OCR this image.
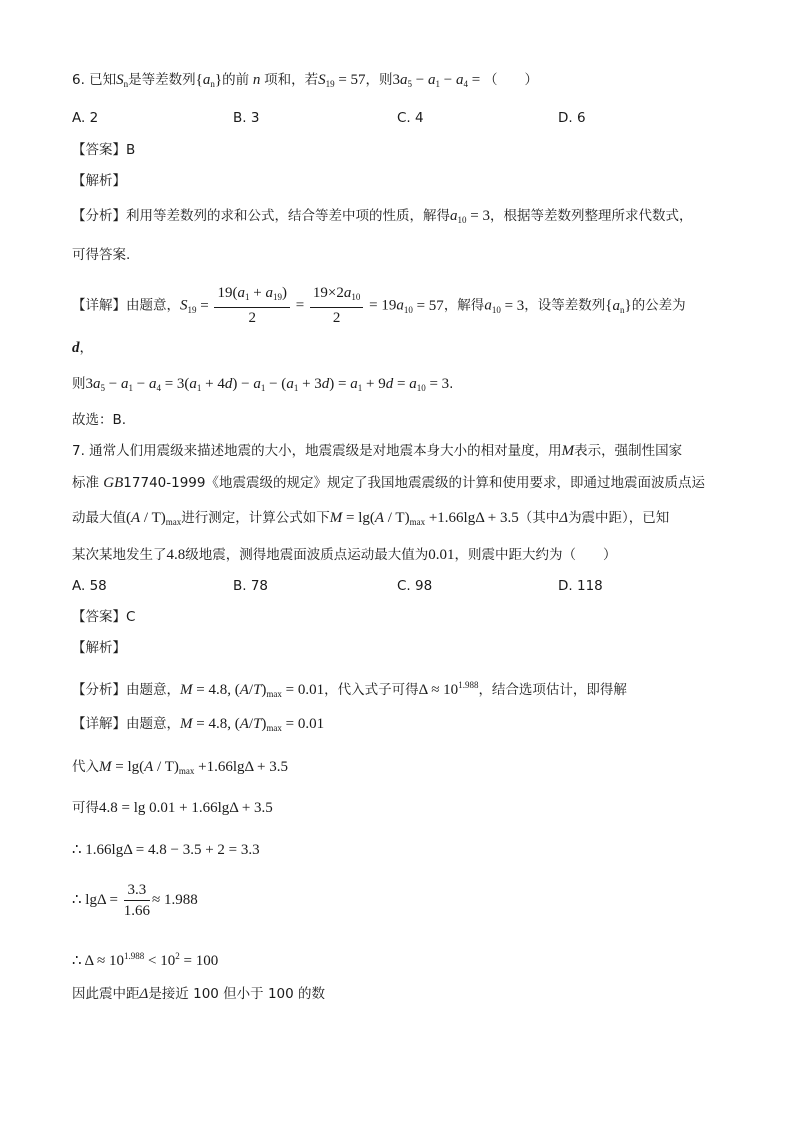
6. 已知$S_n$是等差数列$\{a_n\}$的前 n 项和，若$S_{19} = 57$，则$3a_5 - a_1 - a_4$ = （　　）
A. 2	B. 3	C. 4	D. 6
【答案】B
【解析】
【分析】利用等差数列的求和公式，结合等差中项的性质，解得$a_{10} = 3$，根据等差数列整理所求代数式，
可得答案.
【详解】由题意，$S_{19} = \frac{19(a_1 + a_{19})}{2} = \frac{19\times 2a_{10}}{2} = 19a_{10} = 57$，解得$a_{10} = 3$，设等差数列$\{a_n\}$的公差为
d，
则$3a_5 - a_1 - a_4 = 3(a_1 + 4d) - a_1 - (a_1 + 3d) = a_1 + 9d = a_{10} = 3$.
故选：B.
7. 通常人们用震级来描述地震的大小，地震震级是对地震本身大小的相对量度，用M表示，强制性国家
标准 GB17740-1999《地震震级的规定》规定了我国地震震级的计算和使用要求，即通过地震面波质点运
动最大值$(A / T)_{max}$进行测定，计算公式如下$M = \lg(A / T)_{max} +1.66\lg\Delta + 3.5$（其中Δ为震中距），已知
某次某地发生了4.8级地震，测得地震面波质点运动最大值为0.01，则震中距大约为（　　）
A. 58	B. 78	C. 98	D. 118
【答案】C
【解析】
【分析】由题意，M = 4.8, $(A/T)_{max} = 0.01$，代入式子可得$\Delta \approx 10^{1.988}$，结合选项估计，即得解
【详解】由题意，M = 4.8, $(A/T)_{max} = 0.01$
代入$M = \lg(A / T)_{max} +1.66\lg\Delta + 3.5$
可得4.8 = lg 0.01 + 1.66lgΔ + 3.5
∴ 1.66lgΔ = 4.8 − 3.5 + 2 = 3.3
∴ $\lg\Delta = \frac{3.3}{1.66} \approx 1.988$
∴ $\Delta \approx 10^{1.988} < 10^2 = 100$
因此震中距Δ是接近 100 但小于 100 的数
